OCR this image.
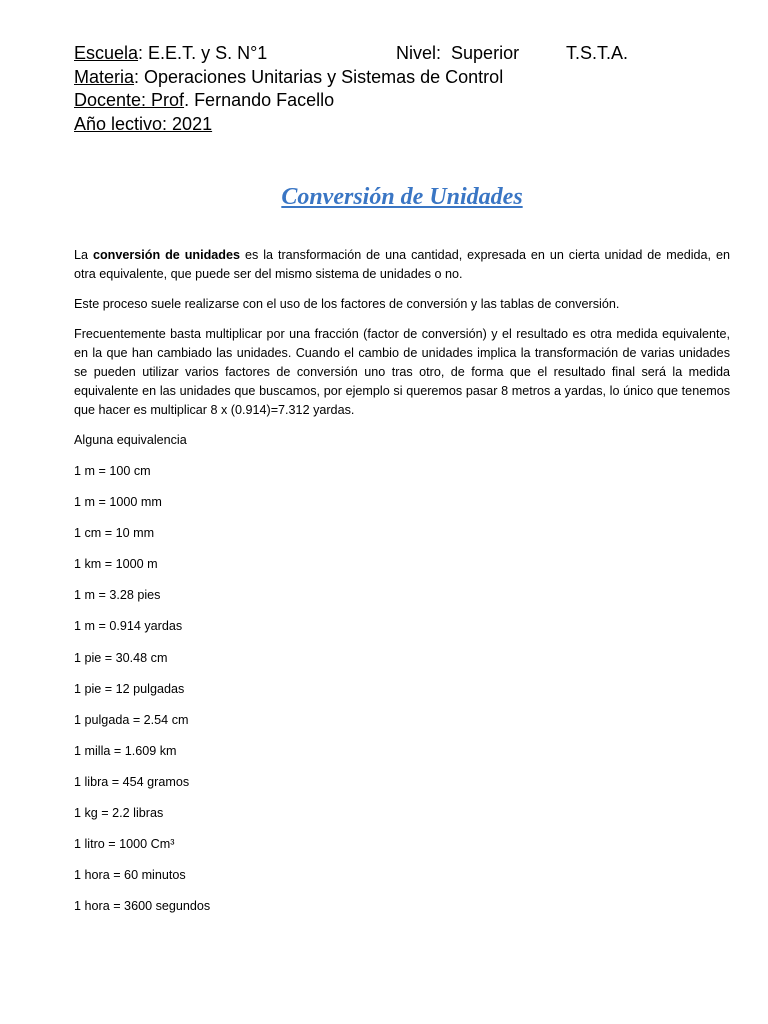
Escuela: E.E.T. y S. N°1	Nivel: Superior	T.S.T.A.
Materia: Operaciones Unitarias y Sistemas de Control
Docente: Prof. Fernando Facello
Año lectivo: 2021
Conversión de Unidades

La conversión de unidades es la transformación de una cantidad, expresada en un cierta unidad de medida, en otra equivalente, que puede ser del mismo sistema de unidades o no.

Este proceso suele realizarse con el uso de los factores de conversión y las tablas de conversión.

Frecuentemente basta multiplicar por una fracción (factor de conversión) y el resultado es otra medida equivalente, en la que han cambiado las unidades. Cuando el cambio de unidades implica la transformación de varias unidades se pueden utilizar varios factores de conversión uno tras otro, de forma que el resultado final será la medida equivalente en las unidades que buscamos, por ejemplo si queremos pasar 8 metros a yardas, lo único que tenemos que hacer es multiplicar 8 x (0.914)=7.312 yardas.

Alguna equivalencia

1 m = 100 cm
1 m = 1000 mm
1 cm = 10 mm
1 km = 1000 m
1 m = 3.28 pies
1 m = 0.914 yardas
1 pie = 30.48 cm
1 pie = 12 pulgadas
1 pulgada = 2.54 cm
1 milla = 1.609 km
1 libra = 454 gramos
1 kg = 2.2 libras
1 litro = 1000 Cm³
1 hora = 60 minutos
1 hora = 3600 segundos
